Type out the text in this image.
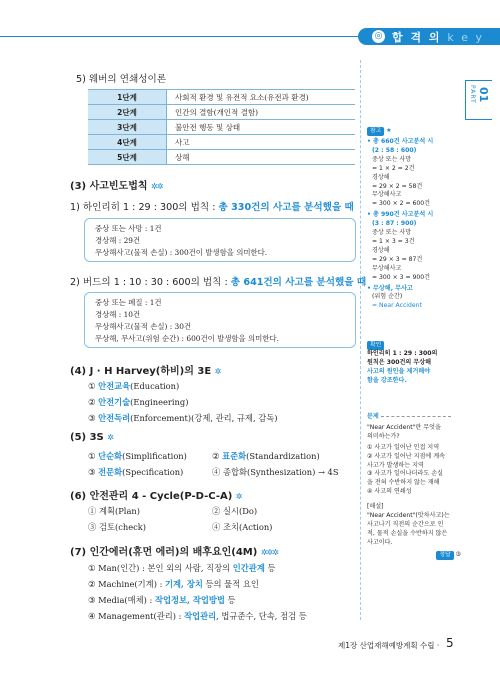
◎ 합 격 의 k e y
PART 01
5) 웨버의 연쇄성이론
1단계	사회적 환경 및 유전적 요소(유전과 환경)
2단계	인간의 결함(개인적 결함)
3단계	불안전 행동 및 상태
4단계	사고
5단계	상해
(3) 사고빈도법칙 ✲✲
1) 하인리히 1 : 29 : 300의 법칙 : 총 330건의 사고를 분석했을 때
중상 또는 사망 : 1건
경상해 : 29건
무상해사고(물적 손실) : 300건이 발생함을 의미한다.
2) 버드의 1 : 10 : 30 : 600의 법칙 : 총 641건의 사고를 분석했을 때
중상 또는 폐질 : 1건
경상해 : 10건
무상해사고(물적 손실) : 30건
무상해, 무사고(위험 순간) : 600건이 발생함을 의미한다.
(4) J · H Harvey(하비)의 3E ✲
① 안전교육(Education)
② 안전기술(Engineering)
③ 안전독려(Enforcement)(강제, 관리, 규제, 감독)
(5) 3S ✲
① 단순화(Simplification)	② 표준화(Standardization)
③ 전문화(Specification)	④ 종합화(Synthesization) → 4S
(6) 안전관리 4 - Cycle(P-D-C-A) ✲
① 계획(Plan)	② 실시(Do)
③ 검토(check)	④ 조치(Action)
(7) 인간에러(휴먼 에러)의 배후요인(4M) ✲✲✲
① Man(인간) : 본인 외의 사람, 직장의 인간관계 등
② Machine(기계) : 기계, 장치 등의 물적 요인
③ Media(매체) : 작업정보, 작업방법 등
④ Management(관리) : 작업관리, 법규준수, 단속, 점검 등
참고 ★
• 총 660건 사고분석 시
(2 : 58 : 600)
중상 또는 사망
= 1 × 2 = 2건
경상해
= 29 × 2 = 58건
무상해사고
= 300 × 2 = 600건
• 총 990건 사고분석 시
(3 : 87 : 900)
중상 또는 사망
= 1 × 3 = 3건
경상해
= 29 × 3 = 87건
무상해사고
= 300 × 3 = 900건
• 무상해, 무사고
(위험 순간)
= Near Accident
확인
하인리히 1 : 29 : 300의
원칙은 300건의 무상해
사고의 원인을 제거해야
함을 강조한다.
문제
"Near Accident"란 무엇을
의미하는가?
① 사고가 일어난 인접 지역
② 사고가 일어난 지점에 계속
사고가 발생하는 지역
③ 사고가 일어나더라도 손실
을 전혀 수반하지 않는 재해
④ 사고의 연쇄성
[해설]
"Near Accident"(앗차사고)는
사고나기 직전의 순간으로 인
적, 물적 손실을 수반하지 않은
사고이다.
정답 ③
제1장 산업재해예방계획 수립 · 5
